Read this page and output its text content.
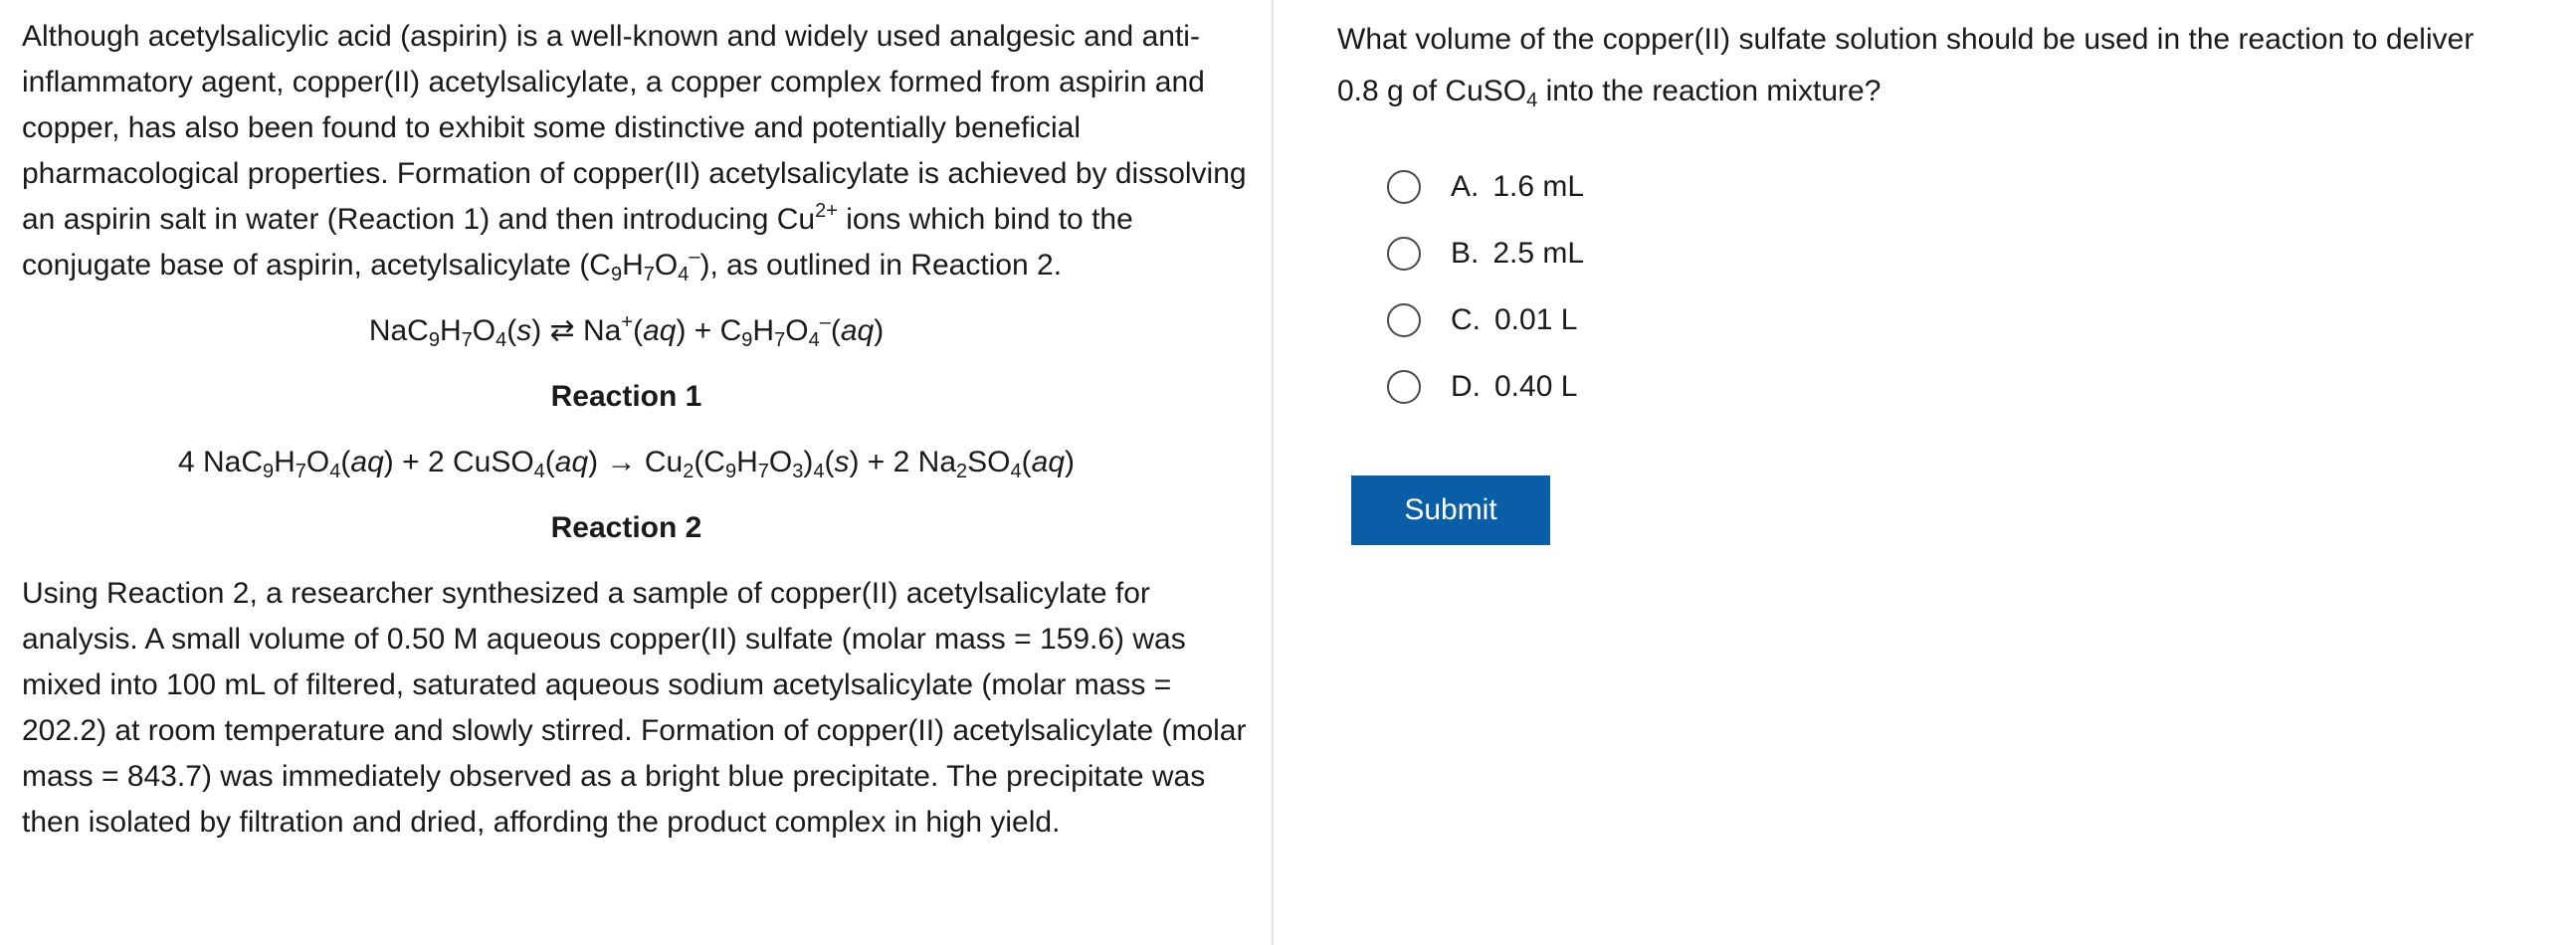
Although acetylsalicylic acid (aspirin) is a well-known and widely used analgesic and anti-inflammatory agent, copper(II) acetylsalicylate, a copper complex formed from aspirin and copper, has also been found to exhibit some distinctive and potentially beneficial pharmacological properties. Formation of copper(II) acetylsalicylate is achieved by dissolving an aspirin salt in water (Reaction 1) and then introducing $Cu^{2+}$ ions which bind to the conjugate base of aspirin, acetylsalicylate $(C_9H_7O_4^-)$, as outlined in Reaction 2.

$NaC_9H_7O_4(s)$ ⇄ $Na^+(aq) + C_9H_7O_4^-(aq)$
Reaction 1
4 $NaC_9H_7O_4(aq) + 2$ CuSO$_4$(aq) → $Cu_2(C_9H_7O_3)_4(s) + 2$ $Na_2SO_4(aq)$
Reaction 2

Using Reaction 2, a researcher synthesized a sample of copper(II) acetylsalicylate for analysis. A small volume of 0.50 M aqueous copper(II) sulfate (molar mass = 159.6) was mixed into 100 mL of filtered, saturated aqueous sodium acetylsalicylate (molar mass = 202.2) at room temperature and slowly stirred. Formation of copper(II) acetylsalicylate (molar mass = 843.7) was immediately observed as a bright blue precipitate. The precipitate was then isolated by filtration and dried, affording the product complex in high yield.

What volume of the copper(II) sulfate solution should be used in the reaction to deliver
0.8 g of CuSO$_4$ into the reaction mixture?

A. 1.6 mL
B. 2.5 mL
C. 0.01 L
D. 0.40 L
Submit
